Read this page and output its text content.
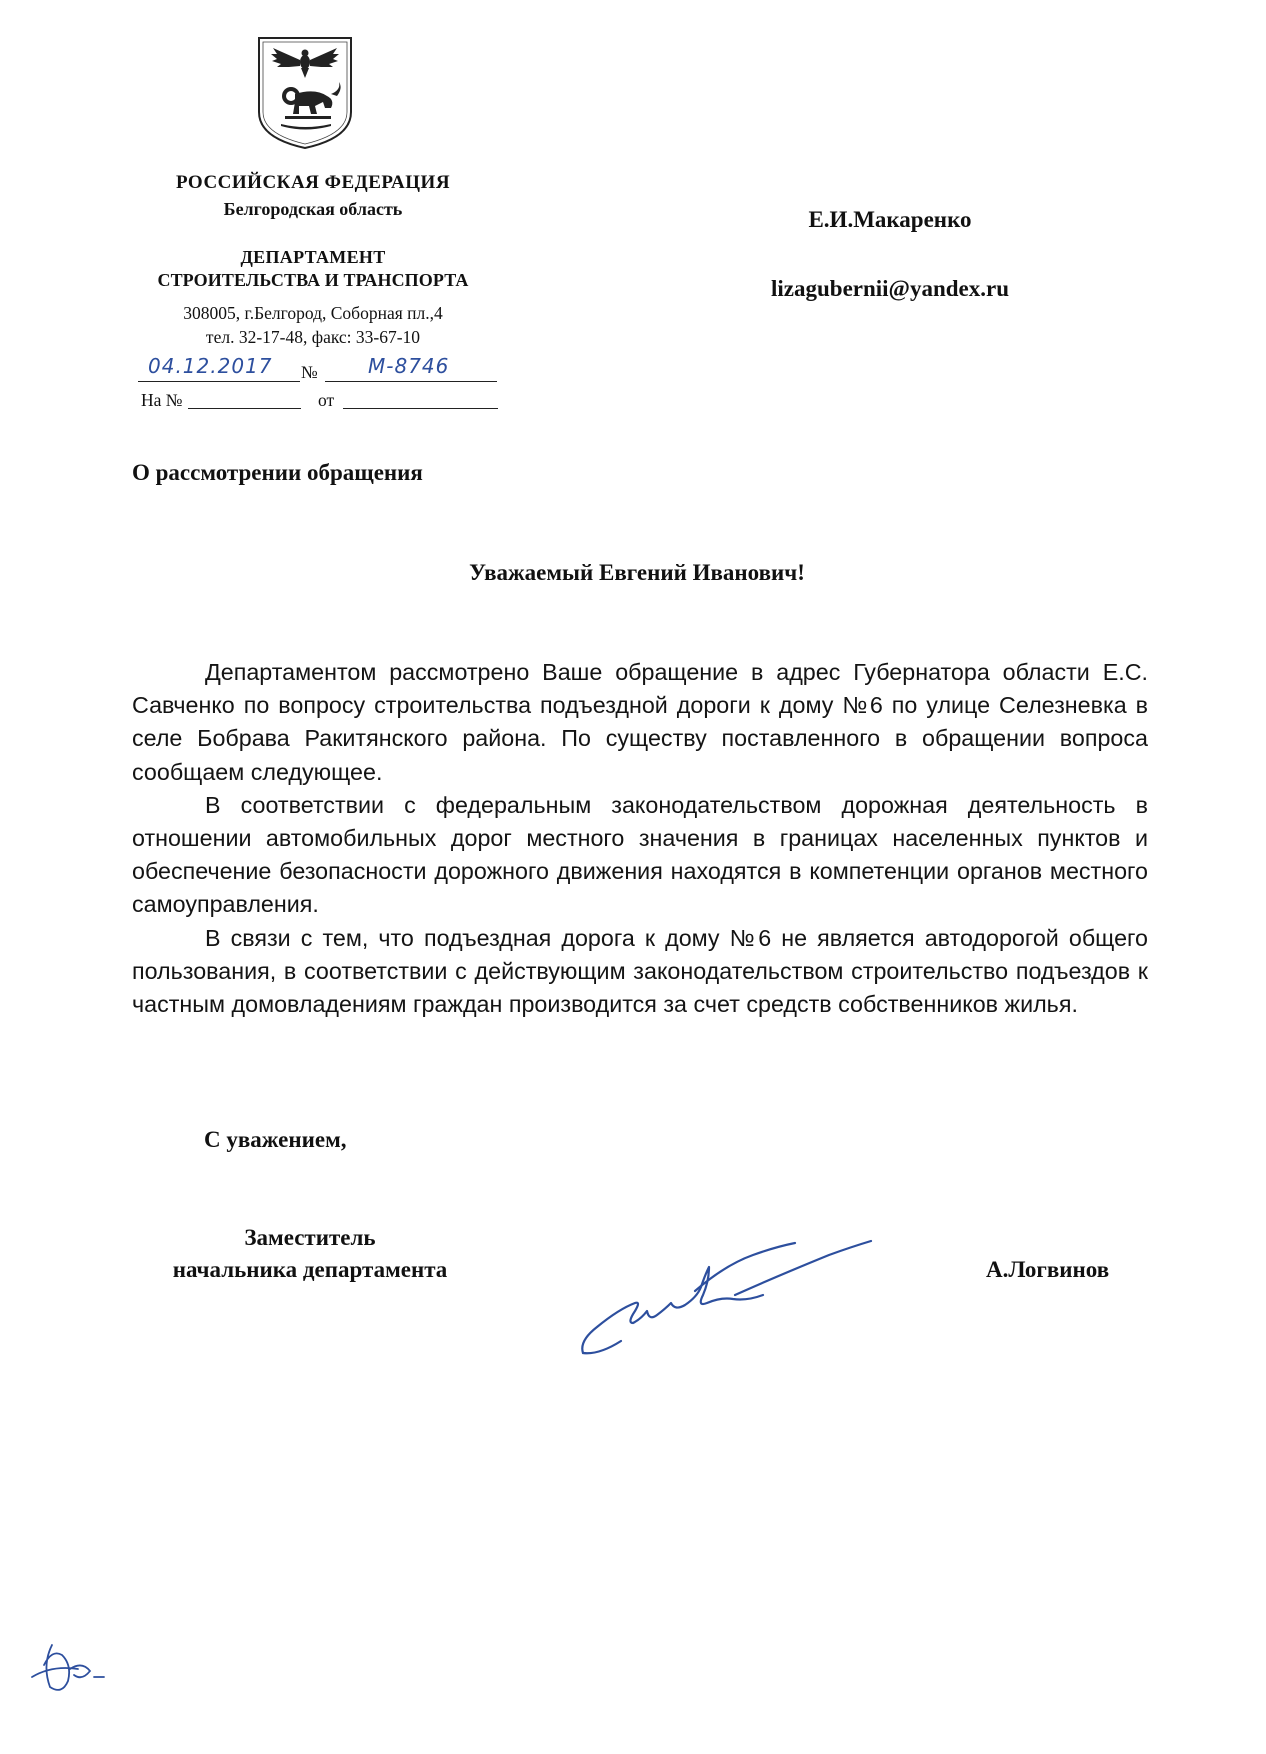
РОССИЙСКАЯ ФЕДЕРАЦИЯ
Белгородская область
ДЕПАРТАМЕНТ
СТРОИТЕЛЬСТВА И ТРАНСПОРТА
308005, г.Белгород, Соборная пл.,4
тел. 32-17-48, факс: 33-67-10
04.12.2017 №	М-8746
На №	от
Е.И.Макаренко
lizagubernii@yandex.ru
О рассмотрении обращения
Уважаемый Евгений Иванович!

Департаментом рассмотрено Ваше обращение в адрес Губернатора области Е.С. Савченко по вопросу строительства подъездной дороги к дому №6 по улице Селезневка в селе Бобрава Ракитянского района. По существу поставленного в обращении вопроса сообщаем следующее.

В соответствии с федеральным законодательством дорожная деятельность в отношении автомобильных дорог местного значения в границах населенных пунктов и обеспечение безопасности дорожного движения находятся в компетенции органов местного самоуправления.

В связи с тем, что подъездная дорога к дому №6 не является автодорогой общего пользования, в соответствии с действующим законодательством строительство подъездов к частным домовладениям граждан производится за счет средств собственников жилья.

С уважением,
Заместитель
начальника департамента	А.Логвинов
